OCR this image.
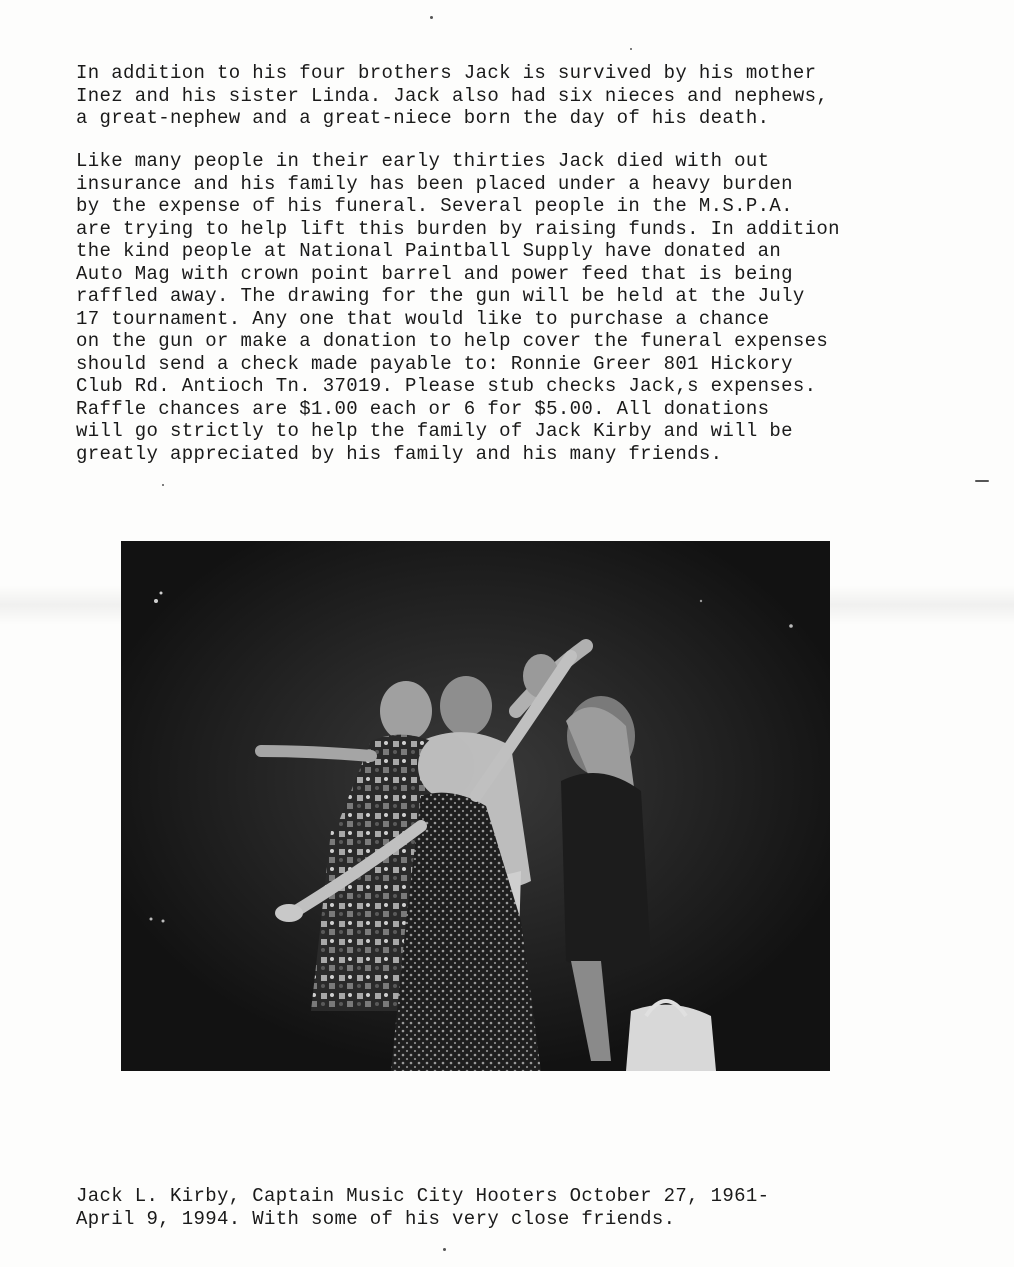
In addition to his four brothers Jack is survived by his mother
Inez and his sister Linda. Jack also had six nieces and nephews,
a great-nephew and a great-niece born the day of his death.

Like many people in their early thirties Jack died with out
insurance and his family has been placed under a heavy burden
by the expense of his funeral. Several people in the M.S.P.A.
are trying to help lift this burden by raising funds. In addition
the kind people at National Paintball Supply have donated an
Auto Mag with crown point barrel and power feed that is being
raffled away. The drawing for the gun will be held at the July
17 tournament. Any one that would like to purchase a chance
on the gun or make a donation to help cover the funeral expenses
should send a check made payable to: Ronnie Greer 801 Hickory
Club Rd. Antioch Tn. 37019. Please stub checks Jack,s expenses.
Raffle chances are $1.00 each or 6 for $5.00. All donations
will go strictly to help the family of Jack Kirby and will be
greatly appreciated by his family and his many friends.

Jack L. Kirby, Captain Music City Hooters October 27, 1961-
April 9, 1994. With some of his very close friends.
